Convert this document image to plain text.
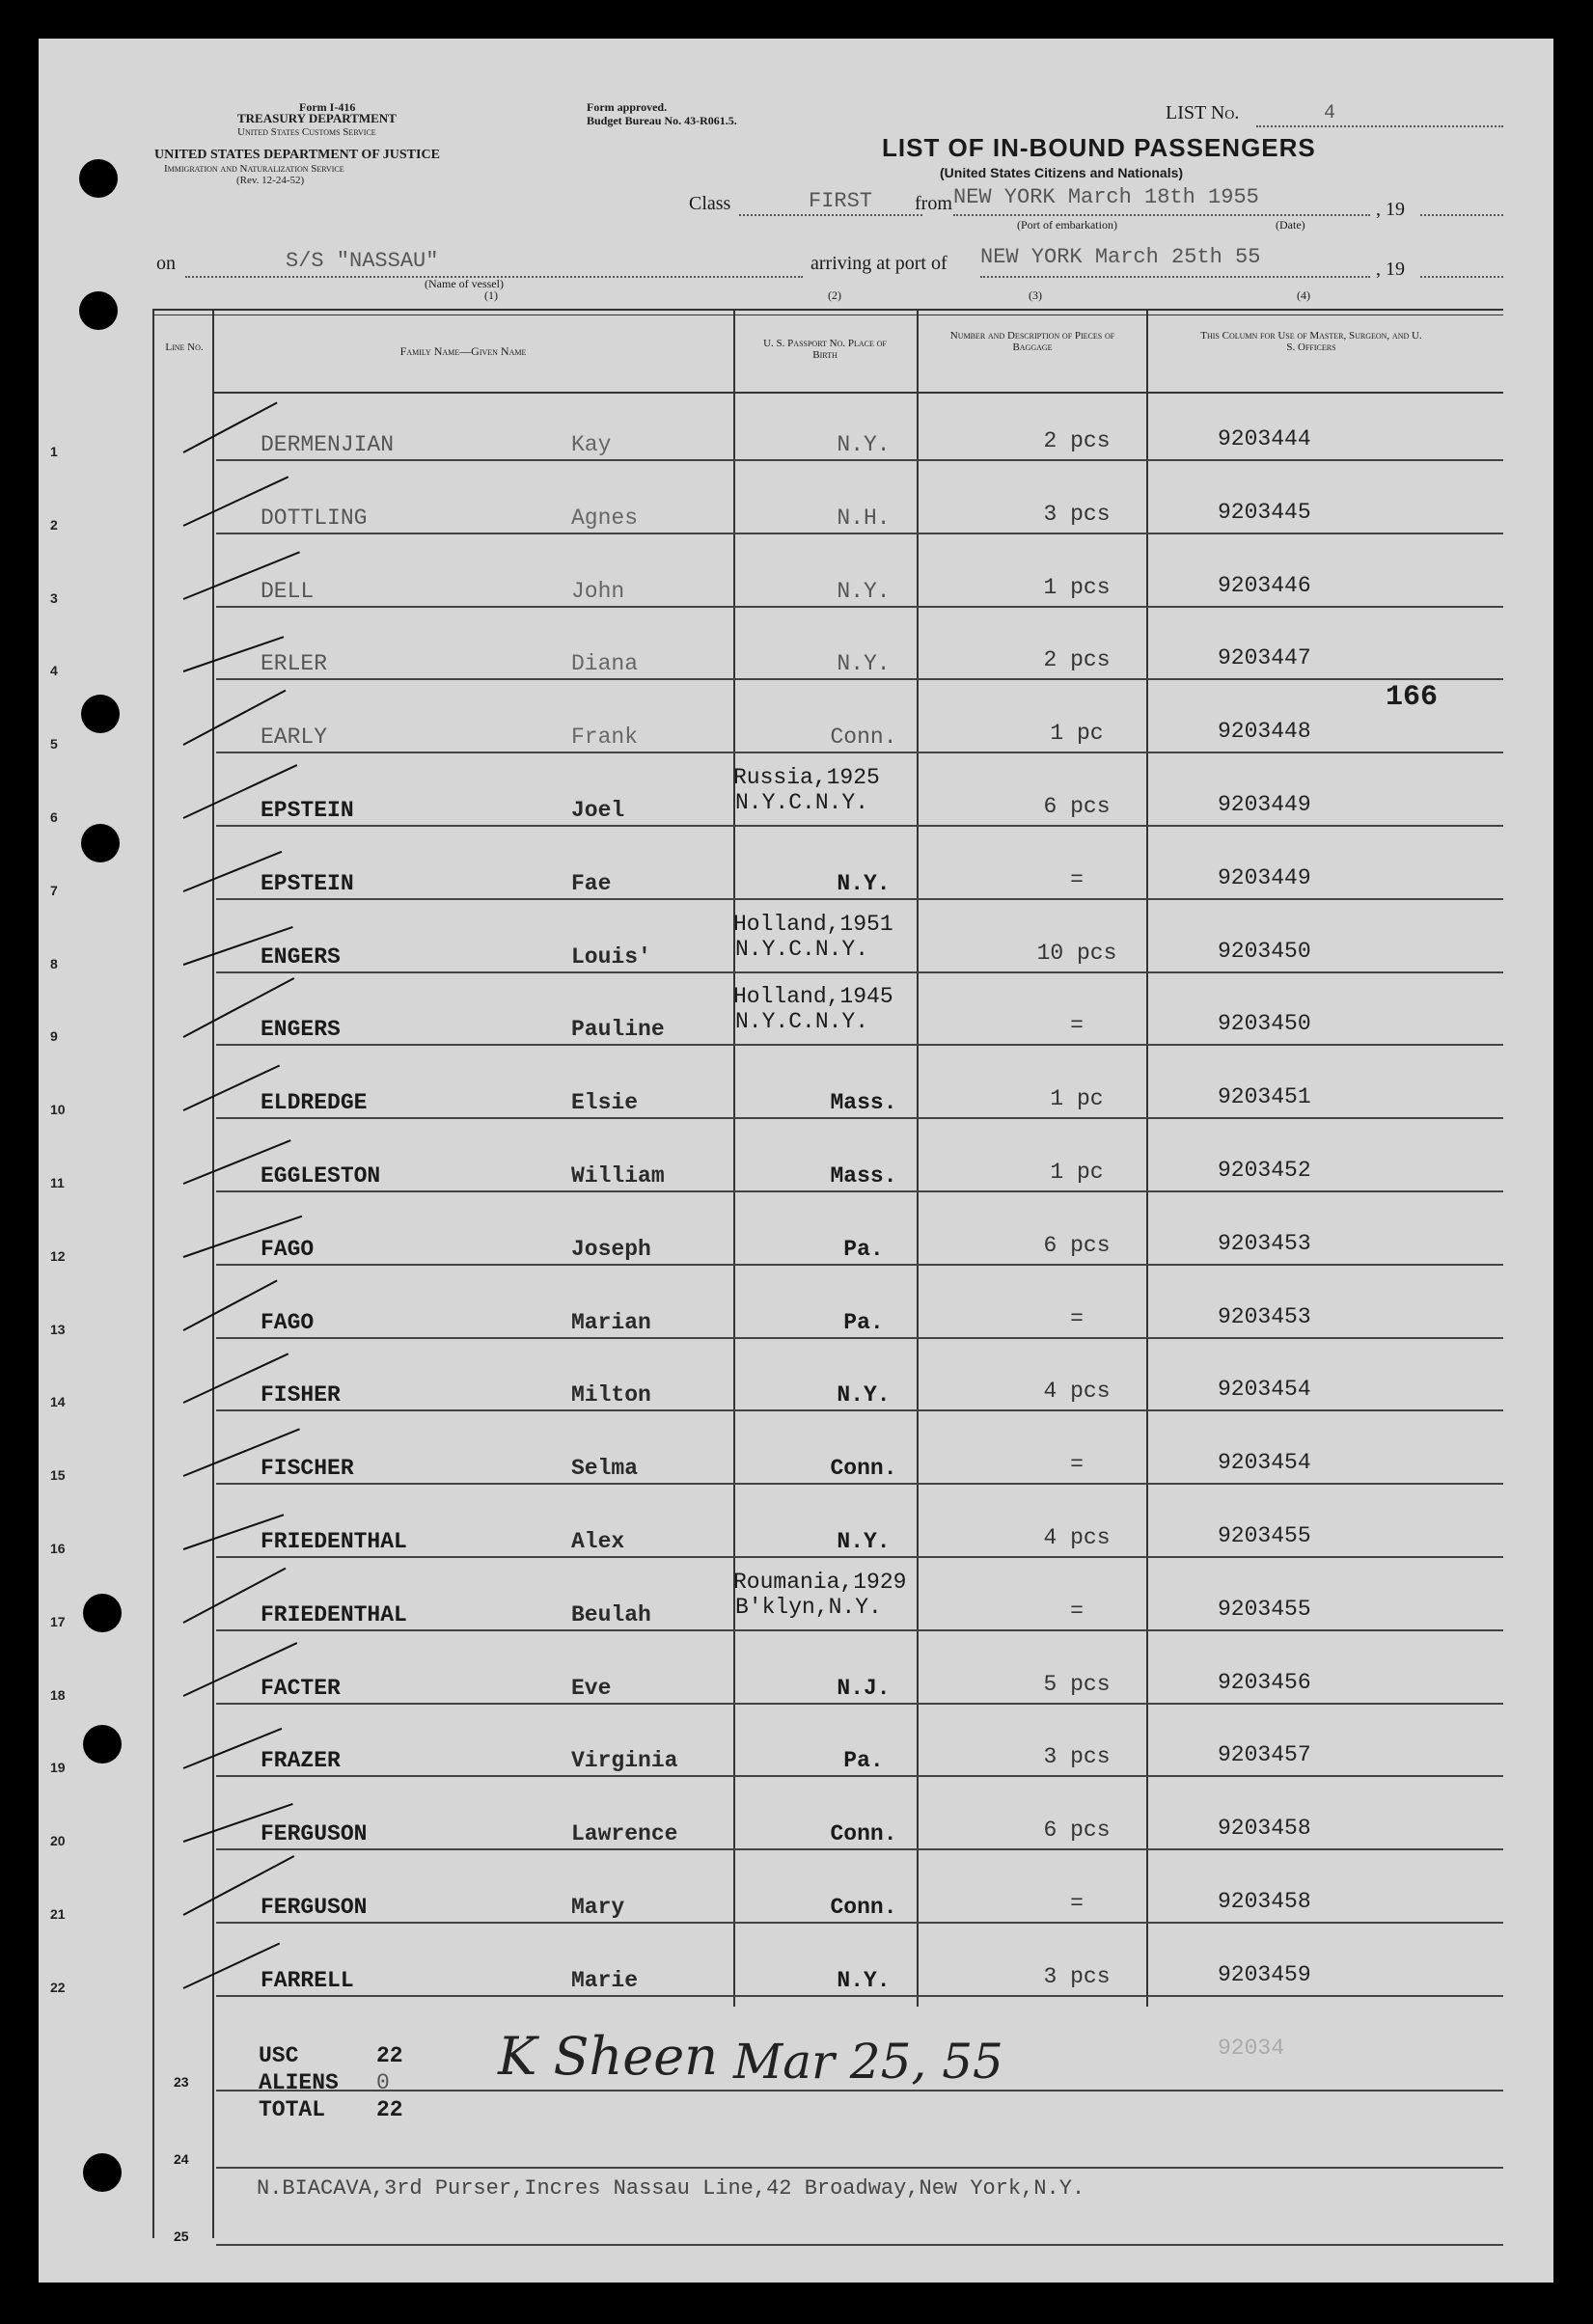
Form I-416
TREASURY DEPARTMENT
United States Customs Service
UNITED STATES DEPARTMENT OF JUSTICE
Immigration and Naturalization Service
(Rev. 12-24-52)
Form approved.
Budget Bureau No. 43-R061.5.	LIST No.	4
LIST OF IN-BOUND PASSENGERS
(United States Citizens and Nationals)
Class	FIRST from NEW YORK March 18th 1955	, 19
(Port of embarkation)	(Date)
on	S/S "NASSAU"
(Name of vessel)
(1)
arriving at port of NEW YORK March 25th 55	, 19
(2)	(3)	(4)
Line No.	Family Name—Given Name
U. S. Passport No. Place of Birth
Number and Description of Pieces of Baggage
This Column for Use of Master, Surgeon, and U. S. Officers
1	DERMENJIAN	Kay	N.Y.	2 pcs	9203444
2	DOTTLING	Agnes	N.H.	3 pcs	9203445
3	DELL	John	N.Y.	1 pcs	9203446
4	ERLER	Diana	N.Y.	2 pcs	9203447
5	EARLY	Frank	Conn.	1 pc	9203448
6	EPSTEIN	Joel
Russia,1925
N.Y.C.N.Y.	6 pcs	9203449
7	EPSTEIN	Fae	N.Y.	=	9203449
8	ENGERS	Louis'
Holland,1951
N.Y.C.N.Y.	10 pcs	9203450
9	ENGERS	Pauline
Holland,1945
N.Y.C.N.Y.	=	9203450
10	ELDREDGE	Elsie	Mass.	1 pc	9203451
11	EGGLESTON	William	Mass.	1 pc	9203452
12	FAGO	Joseph	Pa.	6 pcs	9203453
13	FAGO	Marian	Pa.	=	9203453
14	FISHER	Milton	N.Y.	4 pcs	9203454
15	FISCHER	Selma	Conn.	=	9203454
16	FRIEDENTHAL	Alex	N.Y.	4 pcs	9203455
17	FRIEDENTHAL	Beulah
Roumania,1929
B'klyn,N.Y.	=	9203455
18	FACTER	Eve	N.J.	5 pcs	9203456
19	FRAZER	Virginia	Pa.	3 pcs	9203457
20	FERGUSON	Lawrence	Conn.	6 pcs	9203458
21	FERGUSON	Mary	Conn.	=	9203458
22	FARRELL	Marie	N.Y.	3 pcs	9203459
23
24
25
USC	22
ALIENS 0
TOTAL 22
92034
K Sheen Mar 25, 55
166
N.BIACAVA,3rd Purser,Incres Nassau Line,42 Broadway,New York,N.Y.
